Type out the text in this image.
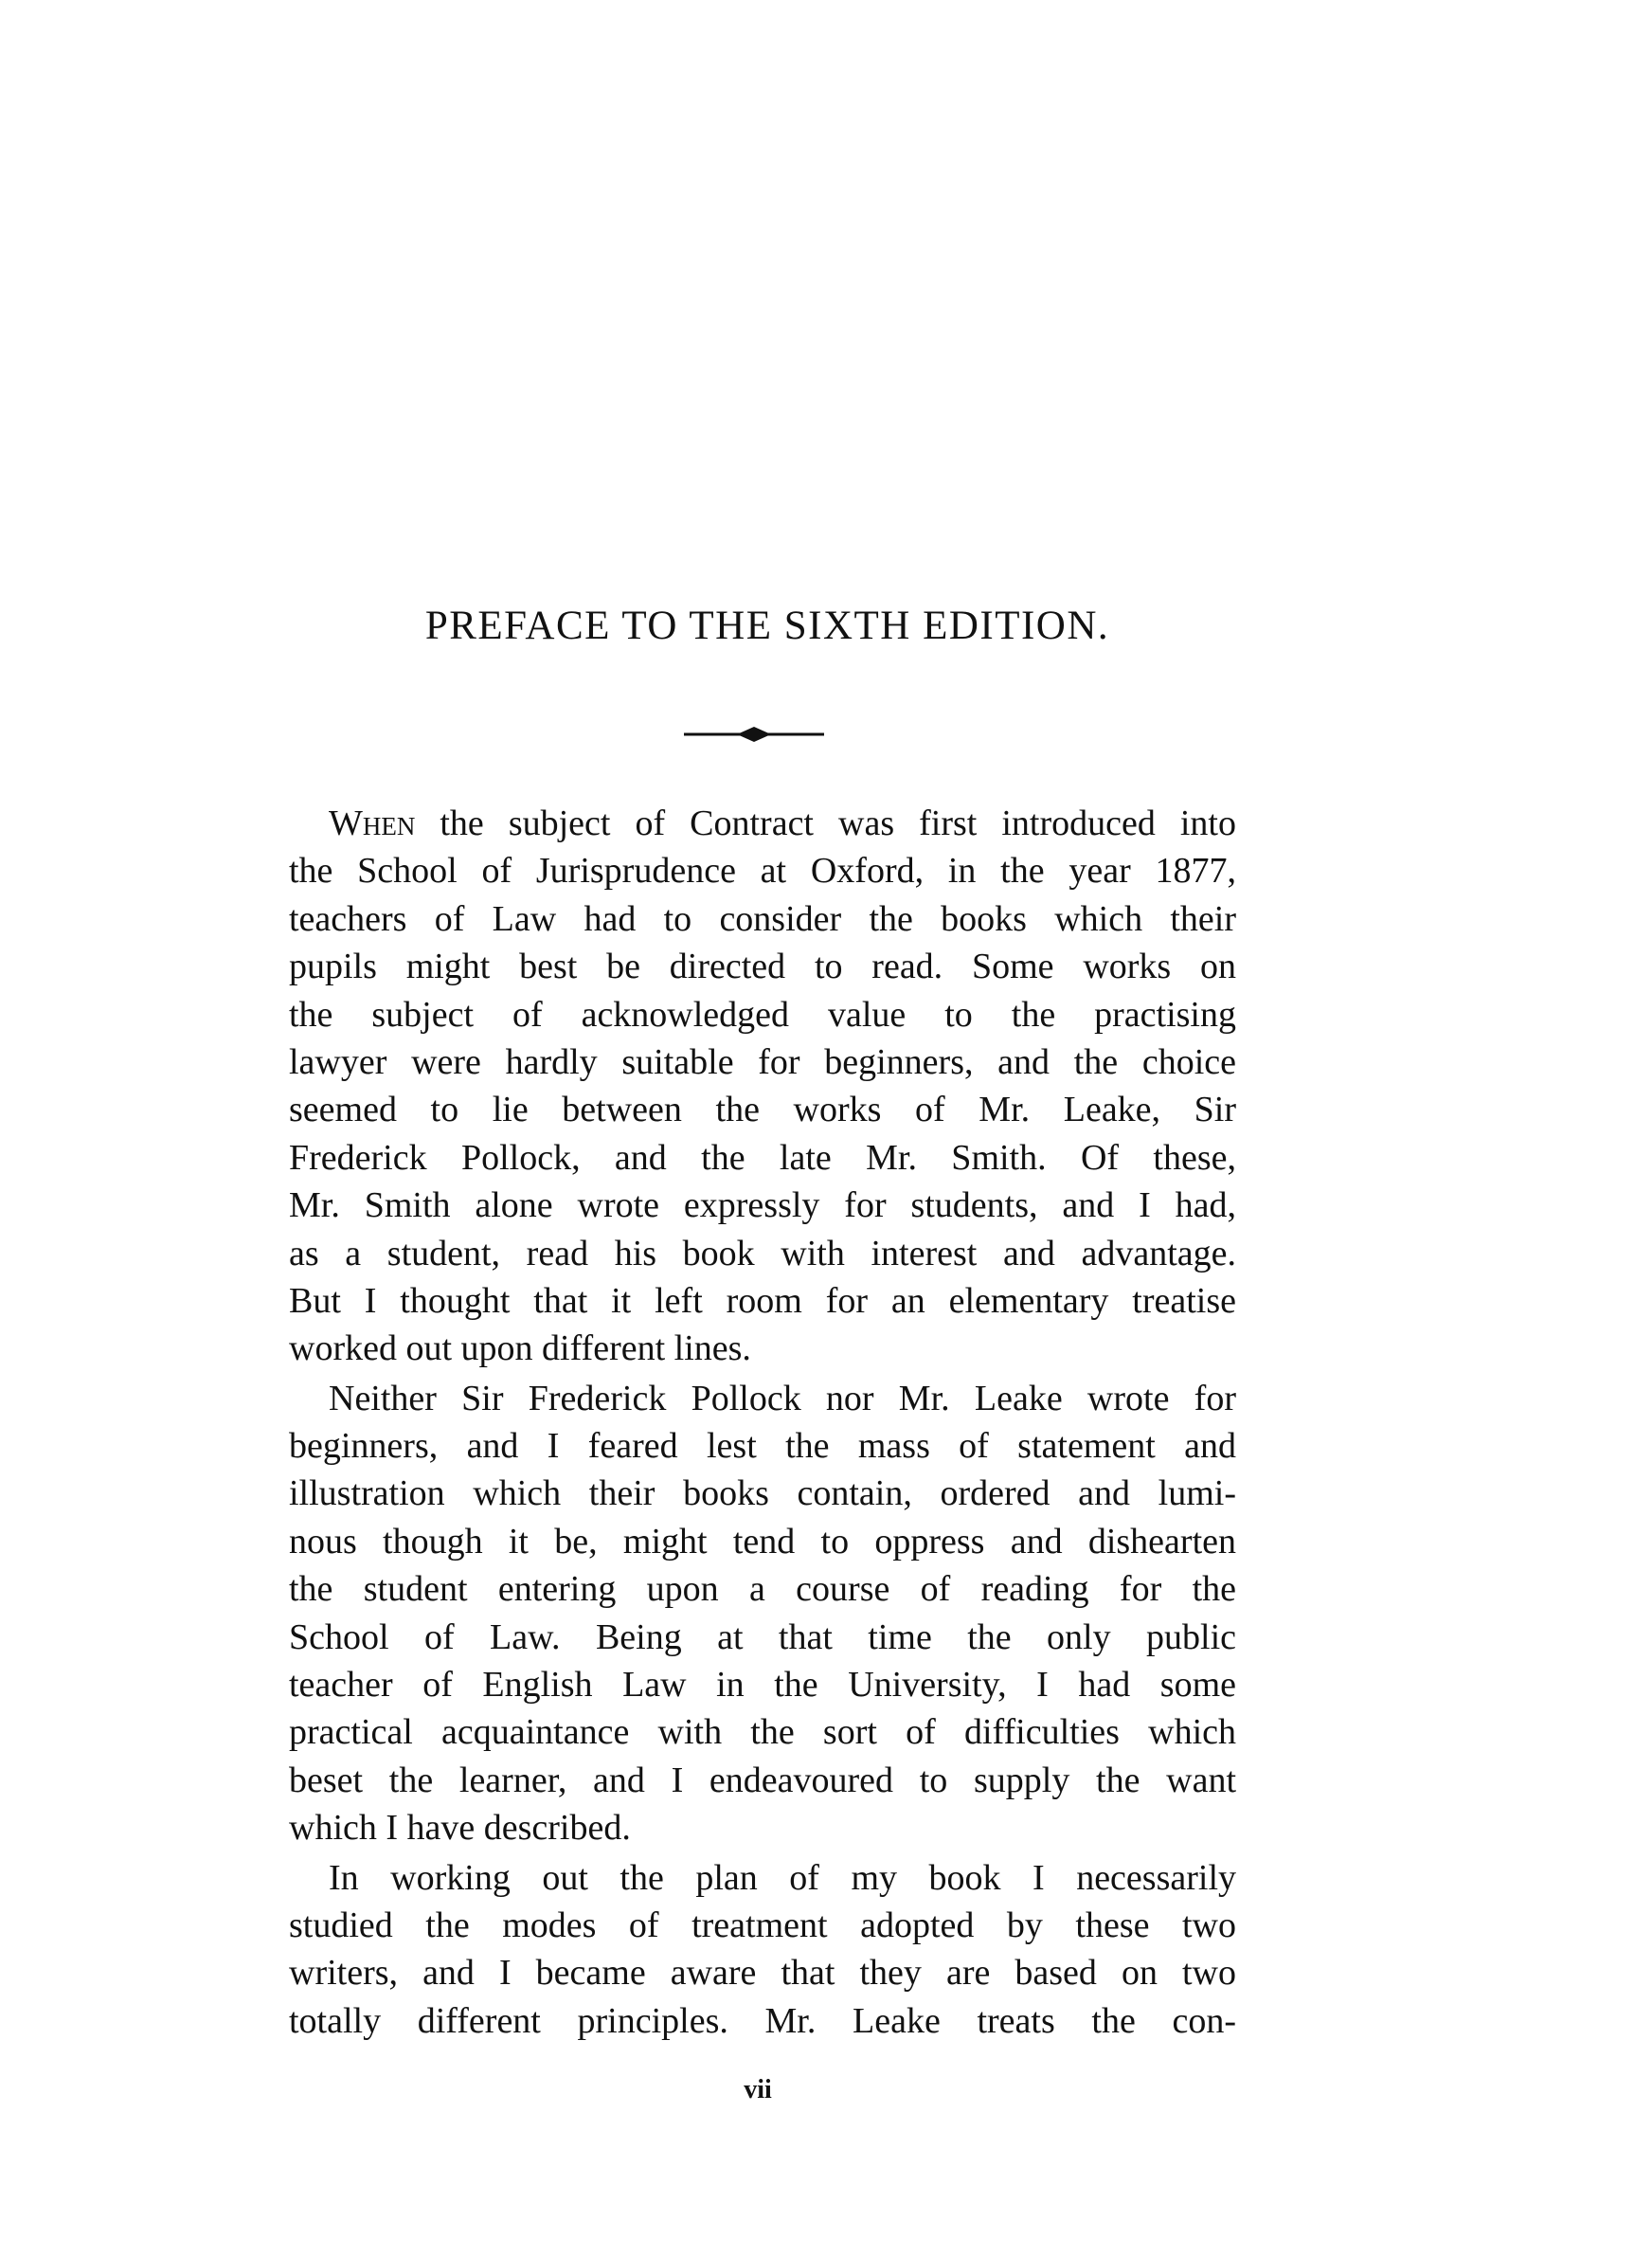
PREFACE TO THE SIXTH EDITION.
When the subject of Contract was first introduced into
the School of Jurisprudence at Oxford, in the year 1877,
teachers of Law had to consider the books which their
pupils might best be directed to read. Some works on
the subject of acknowledged value to the practising
lawyer were hardly suitable for beginners, and the choice
seemed to lie between the works of Mr. Leake, Sir
Frederick Pollock, and the late Mr. Smith. Of these,
Mr. Smith alone wrote expressly for students, and I had,
as a student, read his book with interest and advantage.
But I thought that it left room for an elementary treatise
worked out upon different lines.
Neither Sir Frederick Pollock nor Mr. Leake wrote for
beginners, and I feared lest the mass of statement and
illustration which their books contain, ordered and lumi-
nous though it be, might tend to oppress and dishearten
the student entering upon a course of reading for the
School of Law. Being at that time the only public
teacher of English Law in the University, I had some
practical acquaintance with the sort of difficulties which
beset the learner, and I endeavoured to supply the want
which I have described.
In working out the plan of my book I necessarily
studied the modes of treatment adopted by these two
writers, and I became aware that they are based on two
totally different principles. Mr. Leake treats the con-
vii
